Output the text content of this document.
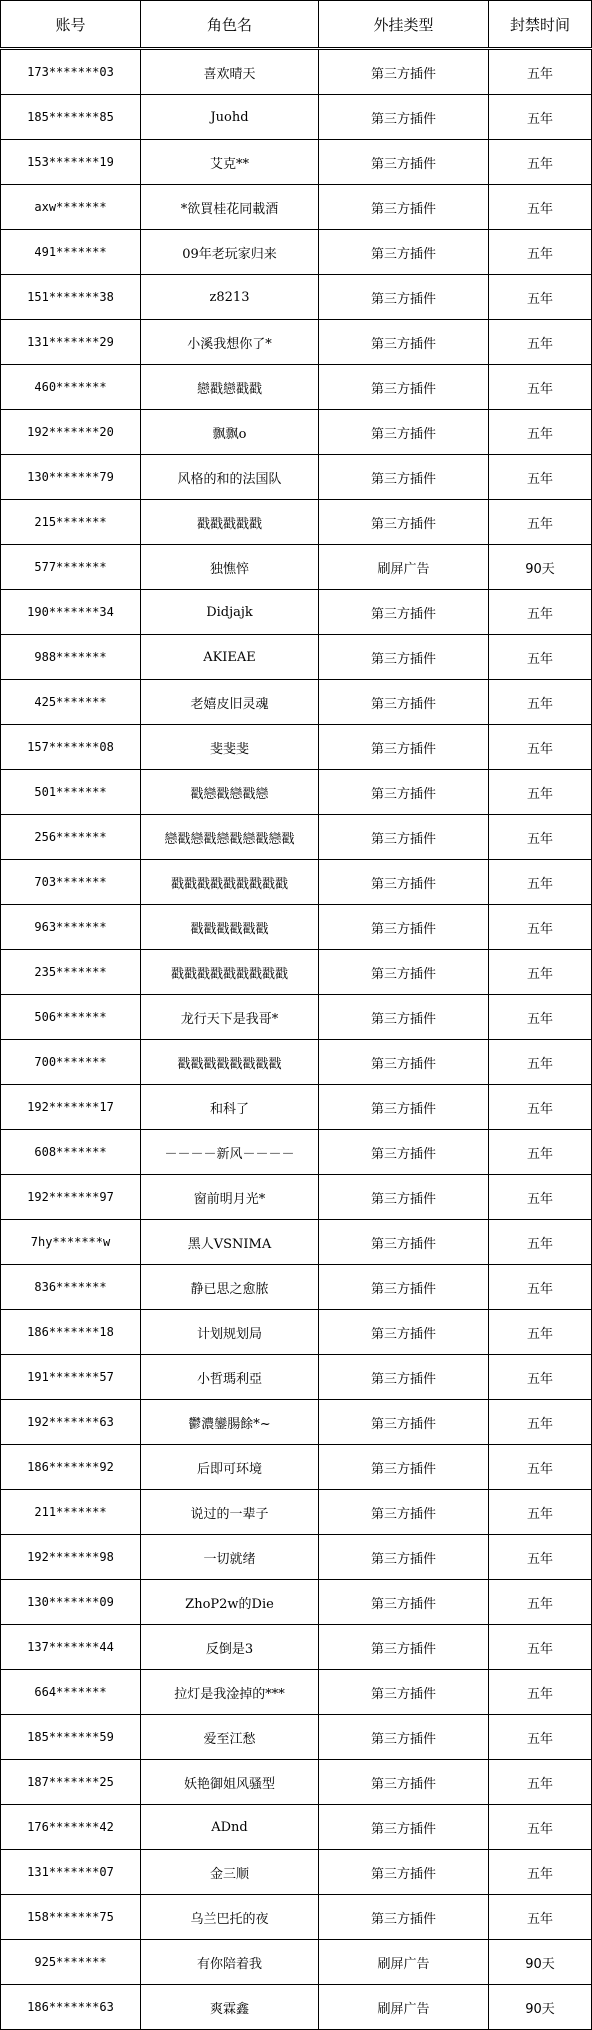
账号	角色名	外挂类型	封禁时间
173*******03	喜欢晴天	第三方插件	五年
185*******85	Juohd	第三方插件	五年
153*******19	艾克**	第三方插件	五年
axw*******	*欲買桂花同載酒	第三方插件	五年
491*******	09年老玩家归来	第三方插件	五年
151*******38	z8213	第三方插件	五年
131*******29	小溪我想你了*	第三方插件	五年
460*******	戀戳戀戳戳	第三方插件	五年
192*******20	飘飘o	第三方插件	五年
130*******79	风格的和的法国队	第三方插件	五年
215*******	戳戳戳戳戳	第三方插件	五年
577*******	独憔悴	刷屏广告	90天
190*******34	Didjajk	第三方插件	五年
988*******	AKIEAE	第三方插件	五年
425*******	老嬉皮旧灵魂	第三方插件	五年
157*******08	斐斐斐	第三方插件	五年
501*******	戳戀戳戀戳戀	第三方插件	五年
256*******	戀戳戀戳戀戳戀戳戀戳	第三方插件	五年
703*******	戳戳戳戳戳戳戳戳戳	第三方插件	五年
963*******	戳戳戳戳戳戳	第三方插件	五年
235*******	戳戳戳戳戳戳戳戳戳	第三方插件	五年
506*******	龙行天下是我哥*	第三方插件	五年
700*******	戳戳戳戳戳戳戳戳	第三方插件	五年
192*******17	和科了	第三方插件	五年
608*******	－－－－新风－－－－	第三方插件	五年
192*******97	窗前明月光*	第三方插件	五年
7hy*******w	黑人VSNIMA	第三方插件	五年
836*******	静已思之愈脓	第三方插件	五年
186*******18	计划规划局	第三方插件	五年
191*******57	小哲瑪利亞	第三方插件	五年
192*******63	鬱濃鑾腸餘*~	第三方插件	五年
186*******92	后即可环境	第三方插件	五年
211*******	说过的一辈子	第三方插件	五年
192*******98	一切就绪	第三方插件	五年
130*******09	ZhoP2w的Die	第三方插件	五年
137*******44	反倒是3	第三方插件	五年
664*******	拉灯是我淦掉的***	第三方插件	五年
185*******59	爱至江愁	第三方插件	五年
187*******25	妖艳御姐风骚型	第三方插件	五年
176*******42	ADnd	第三方插件	五年
131*******07	金三顺	第三方插件	五年
158*******75	乌兰巴托的夜	第三方插件	五年
925*******	有你陪着我	刷屏广告	90天
186*******63	爽霖鑫	刷屏广告	90天
